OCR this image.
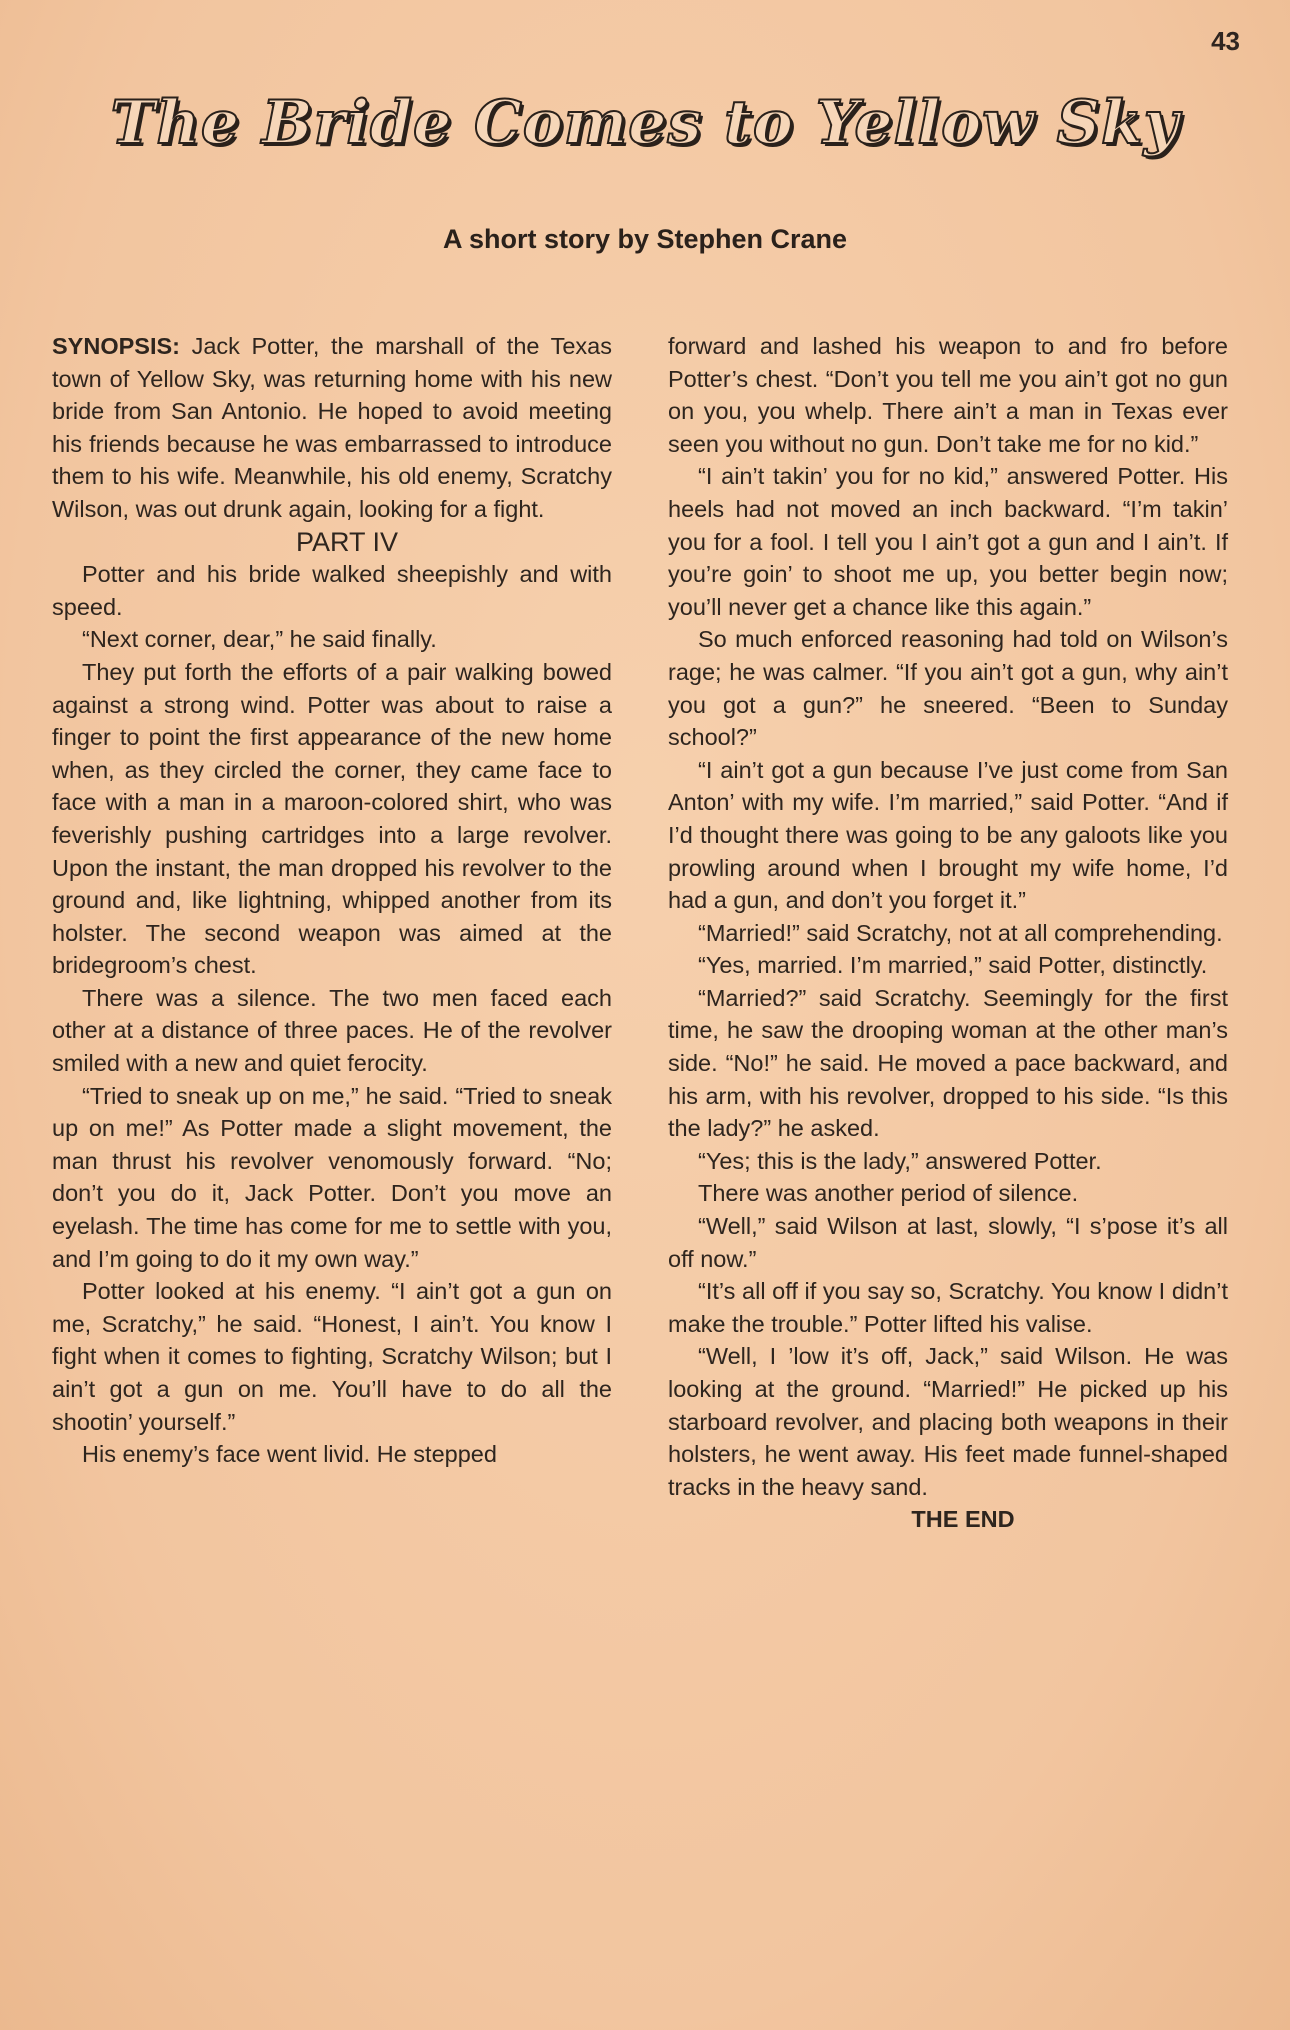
43
The Bride Comes to Yellow Sky
A short story by Stephen Crane

SYNOPSIS: Jack Potter, the marshall of the Texas town of Yellow Sky, was returning home with his new bride from San Antonio. He hoped to avoid meeting his friends because he was embarrassed to introduce them to his wife. Meanwhile, his old enemy, Scratchy Wilson, was out drunk again, looking for a fight.

PART IV

Potter and his bride walked sheepishly and with speed.

“Next corner, dear,” he said finally.

They put forth the efforts of a pair walking bowed against a strong wind. Potter was about to raise a finger to point the first appearance of the new home when, as they circled the corner, they came face to face with a man in a maroon-colored shirt, who was feverishly pushing cartridges into a large revolver. Upon the instant, the man dropped his revolver to the ground and, like lightning, whipped another from its holster. The second weapon was aimed at the bridegroom’s chest.

There was a silence. The two men faced each other at a distance of three paces. He of the revolver smiled with a new and quiet ferocity.

“Tried to sneak up on me,” he said. “Tried to sneak up on me!” As Potter made a slight movement, the man thrust his revolver venomously forward. “No; don’t you do it, Jack Potter. Don’t you move an eyelash. The time has come for me to settle with you, and I’m going to do it my own way.”

Potter looked at his enemy. “I ain’t got a gun on me, Scratchy,” he said. “Honest, I ain’t. You know I fight when it comes to fighting, Scratchy Wilson; but I ain’t got a gun on me. You’ll have to do all the shootin’ yourself.”

His enemy’s face went livid. He stepped

forward and lashed his weapon to and fro before Potter’s chest. “Don’t you tell me you ain’t got no gun on you, you whelp. There ain’t a man in Texas ever seen you without no gun. Don’t take me for no kid.”

“I ain’t takin’ you for no kid,” answered Potter. His heels had not moved an inch backward. “I’m takin’ you for a fool. I tell you I ain’t got a gun and I ain’t. If you’re goin’ to shoot me up, you better begin now; you’ll never get a chance like this again.”

So much enforced reasoning had told on Wilson’s rage; he was calmer. “If you ain’t got a gun, why ain’t you got a gun?” he sneered. “Been to Sunday school?”

“I ain’t got a gun because I’ve just come from San Anton’ with my wife. I’m married,” said Potter. “And if I’d thought there was going to be any galoots like you prowling around when I brought my wife home, I’d had a gun, and don’t you forget it.”

“Married!” said Scratchy, not at all comprehending.

“Yes, married. I’m married,” said Potter, distinctly.

“Married?” said Scratchy. Seemingly for the first time, he saw the drooping woman at the other man’s side. “No!” he said. He moved a pace backward, and his arm, with his revolver, dropped to his side. “Is this the lady?” he asked.

“Yes; this is the lady,” answered Potter.

There was another period of silence.

“Well,” said Wilson at last, slowly, “I s’pose it’s all off now.”

“It’s all off if you say so, Scratchy. You know I didn’t make the trouble.” Potter lifted his valise.

“Well, I ’low it’s off, Jack,” said Wilson. He was looking at the ground. “Married!” He picked up his starboard revolver, and placing both weapons in their holsters, he went away. His feet made funnel-shaped tracks in the heavy sand.

THE END
